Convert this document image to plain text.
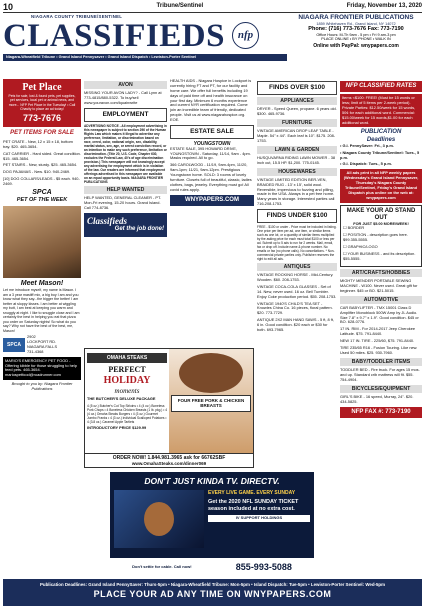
10	Tribune/Sentinel	Friday, November 13, 2020
NIAGARA COUNTY TRIBUNE/SENTINEL
CLASSIFIEDS	nfp
Niagara-Wheatfield Tribune • Grand Island Pennysaver • Grand Island Dispatch • Lewiston-Porter Sentinel
NIAGARA FRONTIER PUBLICATIONS
1859 Whitehaven Rd., Grand Island, NY 14072
Phone: (716) 773-7676 Fax: 773-7190
Office Hours: M-Th 9am - 5 pm • Fri 9 am-3 pm
PLACE ONLINE • BY PHONE • WALK IN
Online with PayPal: wnypapers.com
Pet Place
Pets for sale, lost & found pets, pet supplies, pet services, local pet or animal news, and more... NFP Pet Place in the Tuesday! • Call Chasity to place an ad today!
773-7676
PET ITEMS FOR SALE
PET CRATE - New, 12 x 15 x 18, bottom tray. $20. 465-3654.
CAT CARRIER - Hard sided. Great condition. $15. 465-3654.
PET STAIRS - New, sturdy. $25. 465-3654.
DOG PAJAMAS - New. $10. 940-2469.
[10] DOG COLLARS/LEADS - $5 each. 940-2469.
SPCA
PET OF THE WEEK
Meet Mason!
Let me introduce myself, my name is Mason. I am a 3 year mastiff mix, a big boy I am and you know what they say...the bigger the better! I am better at sloppy kisses. I am better at wiggling my butt, I am best at keeping you warm and snuggly at night. I like to snuggle close and I am certainly the best in helping you eat that pizza you order on Saturday nights! So what do you say? Why not have the best of the best, me, Mason!
SPCA
2902
LOCKPORT RD.
NIAGARA FALLS
731-4368
MARIO'S EMERGENCY PET FOOD - Offering kibble for those struggling to help feed pets. 465-3654. mariospetfood@roadrunner.com
Brought to you by: Niagara Frontier Publications
AVON
MISSING YOUR AVON LADY? - Call Lynn at 773-4815/880-5322. To buy/sell www.youravon.com/lquainwrite
EMPLOYMENT
ADVERTISING NOTICE - All employment advertising in this newspaper is subject to section 296 of the Human Rights Law which makes it illegal to advertise any preference, limitation, or discrimination based on race, creed, color, national origin, sex, disability, marital status, sex, age, or arrest conviction record, or an intention to make any such preference, limitation or discrimination. (Title 20, U.S. Code, Chapter 630, excludes the Federal Law, 40's of age discrimination provision.) This newspaper will not knowingly accept any advertising for employment which is in violation of the law. Our readers are informed that employment offerings advertised in this newspaper are available on an equal opportunity basis. NIAGARA FRONTIER PUBLICATIONS
HELP WANTED
HELP WANTED, GENERAL CLEANER - PT. Mon-Fri evening, 15-20 hours. Grand Island. Call 774-8736.
Classifieds
Get the job done!
HEALTH AIDS - Niagara Hospice in Lockport is currently hiring FT and PT, for our facility and home care. We offer full benefits including 19 days of paid time off and health insurance on your first day. Minimum 6 months experience and current NYR certification required. Come join an incredible team of friendly, dedicated people. Visit us at www.niagarahospice.org. EOE.
ESTATE SALE
YOUNGSTOWN
ESTATE SALE, 395 HOWARD DRIVE, YOUNGSTOWN - Saturday, 11/14, 9am - 4pm. Masks required. All to go.
366 CAROLWOOD - 11/19, 9am-4pm, 11/20, 9am-1pm; 11/21, 9am-12pm. Prestigious Youngstown home. SOLD: 3 rooms of lovely furniture. Closets full of beautiful, classic, ladies clothes, bags, jewelry. Everything must go! All covid rules apply.
WNYPAPERS.COM
OMAHA STEAKS
PERFECT
HOLIDAY
moments
THE BUTCHER'S DELUXE PACKAGE
4 (5 oz.) Butcher's Cut Top Sirloins • 4 (4 oz.) Boneless Pork Chops • 4 Boneless Chicken Breasts (1 lb. pkg.) • 4 (4 oz.) Omaha Steaks Burgers • 4 (3 oz.) Gourmet Jumbo Franks • 4 (3 oz.) Individual Scalloped Potatoes • 4 (3.8 oz.) Caramel Apple Tartlets
INTRODUCTORY PRICE $129.99
FOUR FREE PORK & CHICKEN BREASTS
ORDER NOW! 1.844.981.3965 ask for 66762SBF
www.OmahaSteaks.com/dinner069
FINDS OVER $100
APPLIANCES
DRYER - Speed Queen, propane. 6 years old. $300. 465-9736.
FURNITURE
VINTAGE AMERICAN DROP LEAF TABLE - Maple. 54" x 44". Each leaf is 10". $175. 208-1753.
LAWN & GARDEN
HUSQUVARNA RIDING LAWN MOWER - 38 inch cut, 15.5 HP. $1,200. 775-0145.
HOUSEWARES
VINTAGE LIMITED EDITION BER-VEN, BRAIDED RUG - 13' x 15', solid wool. Reversible, impervious to fuzzing and pilling, made in the USA. Always in a pet free home. Many years in storage. Interested parties call 716-208-1753.
FINDS UNDER $100
FREE - $100 or under - Price must be included in listing. One price per item per ad, one item, or similar items such as one lot, or a quantity of similar items multiplied by the asking price for each must total $100 or less per ad. Submit up to 5 ads to run for 2 weeks. Mail, email, fax or drop off. Include name & phone number. No emails or fax (no phone calls). No cancellations. * Non-commercial private parties only. Publisher reserves the right to edit all ads.
ANTIQUES
VINTAGE ROCKING HORSE - Mid-Century. Wooden. $60. 208-1753.
VINTAGE COCA-COLA GLASSES - Set of 14. New, never used. 16 oz. Bell Tumbler. Enjoy Coke production period. $55. 208-1753.
VINTAGE 1940'S CHILD'S TEA SET - Knowles China Co. 16 pieces, floral pattern. $20. 773-7729.
ANTIQUE 2X2 MAN HAND SAWS - 5 ft, 8 ft, 6 in. Good condition. $20 each or $30 for both. 693-7965.
NFP CLASSIFIED RATES
Items <$100: FREE! (Must be 15 words or less; limit of 5 items per 2-week period). Private Parties: $12.50/week for 15 words, 50¢ for each additional word. Commercial: $15.00/week for 15 words,$1.00 for each additional word.
PUBLICATION
Deadlines
• G.I. PennySaver: Fri., 3 p.m.
• Niagara County Tribune/Sentinel: Tues., 5 p.m.
• G.I. Dispatch: Tues., 5 p.m.
All ads print in all NFP weekly papers (Wednesday's Grand Island Pennysaver, Thursday's Niagara County Tribune/Sentinel, Friday's Grand Island Dispatch plus online on the web at: wnypapers.com
MAKE YOUR AD STAND OUT
FOR JUST $5.00 MORE/WEEK!
☐ BORDER
☐ POSITION - description goes here. $99.355-5555.
☐ GRAPHIC/LOGO
☐ YOUR BUSINESS - and its description. $55-5555.
ART/CRAFTS/HOBBIES
MIGHTY MENDER PORTABLE SEWING MACHINE - W100. Never used. Great gift for beginner. $45 or BO. $21-5015.
AUTOMOTIVE
CAR BABYLIFTER - TMX 15001 Class D Amplifier Monoblock 500W Amp by JL Audio. Size 7.8" x 9.7" x 1.9". Good condition. $45 or BO. 628-0776.
17 IN. RIM - For 2014-2017 Jeep Cherokee Latitude. $75. 791-8440.
NEW 17 IN. TIRE - 225/60, $75. 791-8440.
TIRE 235/65 R16 - Fusion Touring. Like new. Used 50 miles. $25. 930-7960.
BABY/TODDLER ITEMS
TODDLER BED - Fire truck. For ages 15 mos. and up. Standard crib mattress will fit. $55. 754-4904.
BICYCLES/EQUIPMENT
GIRL'S BIKE - 16 speed, Murray, 24". $20. 434-5825.
NFP FAX #: 773-7190
DON'T JUST KINDA TV. DIRECTV.
EVERY LIVE GAME. EVERY SUNDAY
Get the 2020 NFL SUNDAY TICKET season included at no extra cost.
IV SUPPORT HOLDINGS
Don't settle for cable. Call now!	855-993-5088
Publication Deadlines: Grand Island PennySaver: Thurs-5pm • Niagara-Wheatfield Tribune: Mon-5pm • Island Dispatch: Tue-5pm • Lewiston-Porter Sentinel: Wed-5pm
PLACE YOUR AD ANY TIME ON WNYPAPERS.COM
